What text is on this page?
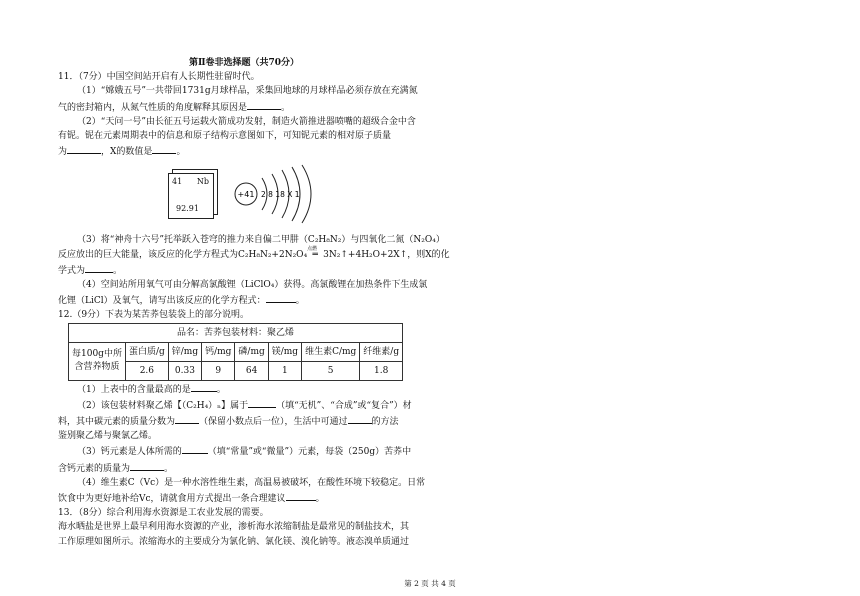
第Ⅱ卷非选择题（共70分）
11．（7分）中国空间站开启有人长期性驻留时代。
（1）“嫦娥五号”一共带回1731g月球样品，采集回地球的月球样品必须存放在充满氮
气的密封箱内，从氮气性质的角度解释其原因是	。
（2）“天问一号”由长征五号运载火箭成功发射，制造火箭推进器喷嘴的超级合金中含
有铌。铌在元素周期表中的信息和原子结构示意图如下，可知铌元素的相对原子质量
为	，X的数值是	。
41 Nb
92.91
+41 2 8 18 X 1
（3）将“神舟十六号”托举跃入苍穹的推力来自偏二甲肼（C₂H₈N₂）与四氧化二氮（N₂O₄）
反应放出的巨大能量，该反应的化学方程式为C₂H₈N₂+2N₂O₄
点燃
═ 3N₂↑+4H₂O+2X↑，则X的化
学式为	。
（4）空间站所用氧气可由分解高氯酸锂（LiClO₄）获得。高氯酸锂在加热条件下生成氯
化锂（LiCl）及氧气，请写出该反应的化学方程式：	。
12.（9分）下表为某苦荞包装袋上的部分说明。
品名：苦荞包装材料：聚乙烯							

每100g中所
含营养物质	蛋白质/g	锌/mg	钙/mg	磷/mg	镁/mg	维生素C/mg	纤维素/g
	2.6	0.33	9	64	1	5	1.8
（1）上表中的含量最高的是	。
（2）该包装材料聚乙烯【（C₂H₄）ₙ】属于	（填“无机”、“合成”或“复合”）材
料，其中碳元素的质量分数为	（保留小数点后一位），生活中可通过	的方法
鉴别聚乙烯与聚氯乙烯。
（3）钙元素是人体所需的	（填“常量”或“微量”）元素，每袋（250g）苦荞中
含钙元素的质量为	。
（4）维生素C（Vc）是一种水溶性维生素，高温易被破坏，在酸性环境下较稳定。日常
饮食中为更好地补给Vc，请就食用方式提出一条合理建议	。
13．（8分）综合利用海水资源是工农业发展的需要。
海水晒盐是世界上最早利用海水资源的产业，渗析海水浓缩制盐是最常见的制盐技术，其
工作原理如图所示。浓缩海水的主要成分为氯化钠、氯化镁、溴化钠等。液态溴单质通过
第 2 页 共 4 页
